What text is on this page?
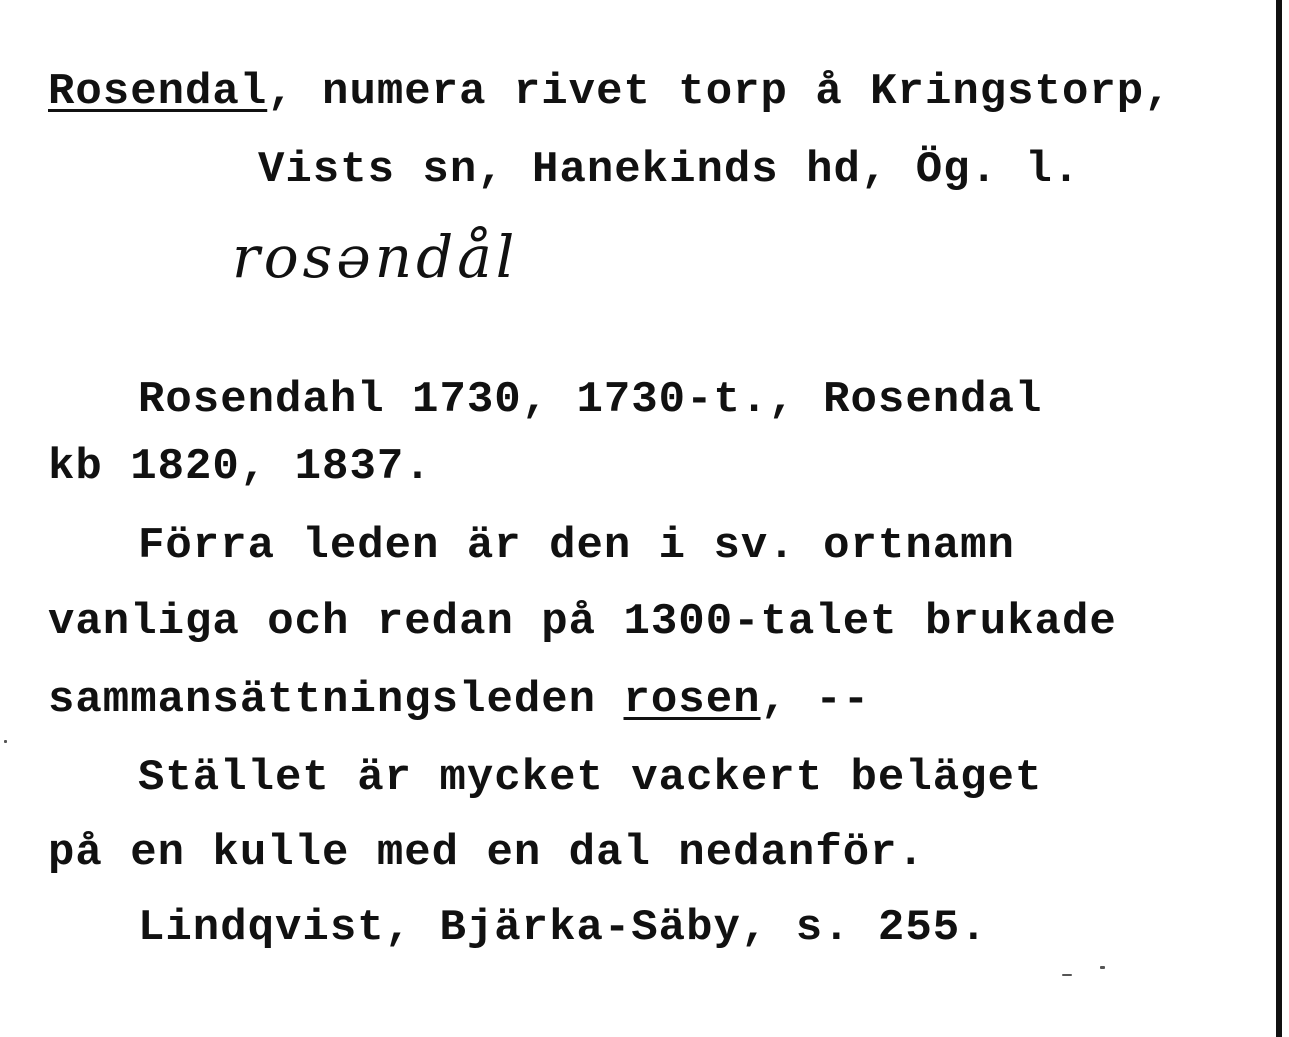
Rosendal, numera rivet torp å Kringstorp,
Vists sn, Hanekinds hd, Ög. l.
rosəndål
Rosendahl 1730, 1730-t., Rosendal
kb 1820, 1837.
Förra leden är den i sv. ortnamn
vanliga och redan på 1300-talet brukade
sammansättningsleden rosen, --
Stället är mycket vackert beläget
på en kulle med en dal nedanför.
Lindqvist, Bjärka-Säby, s. 255.
